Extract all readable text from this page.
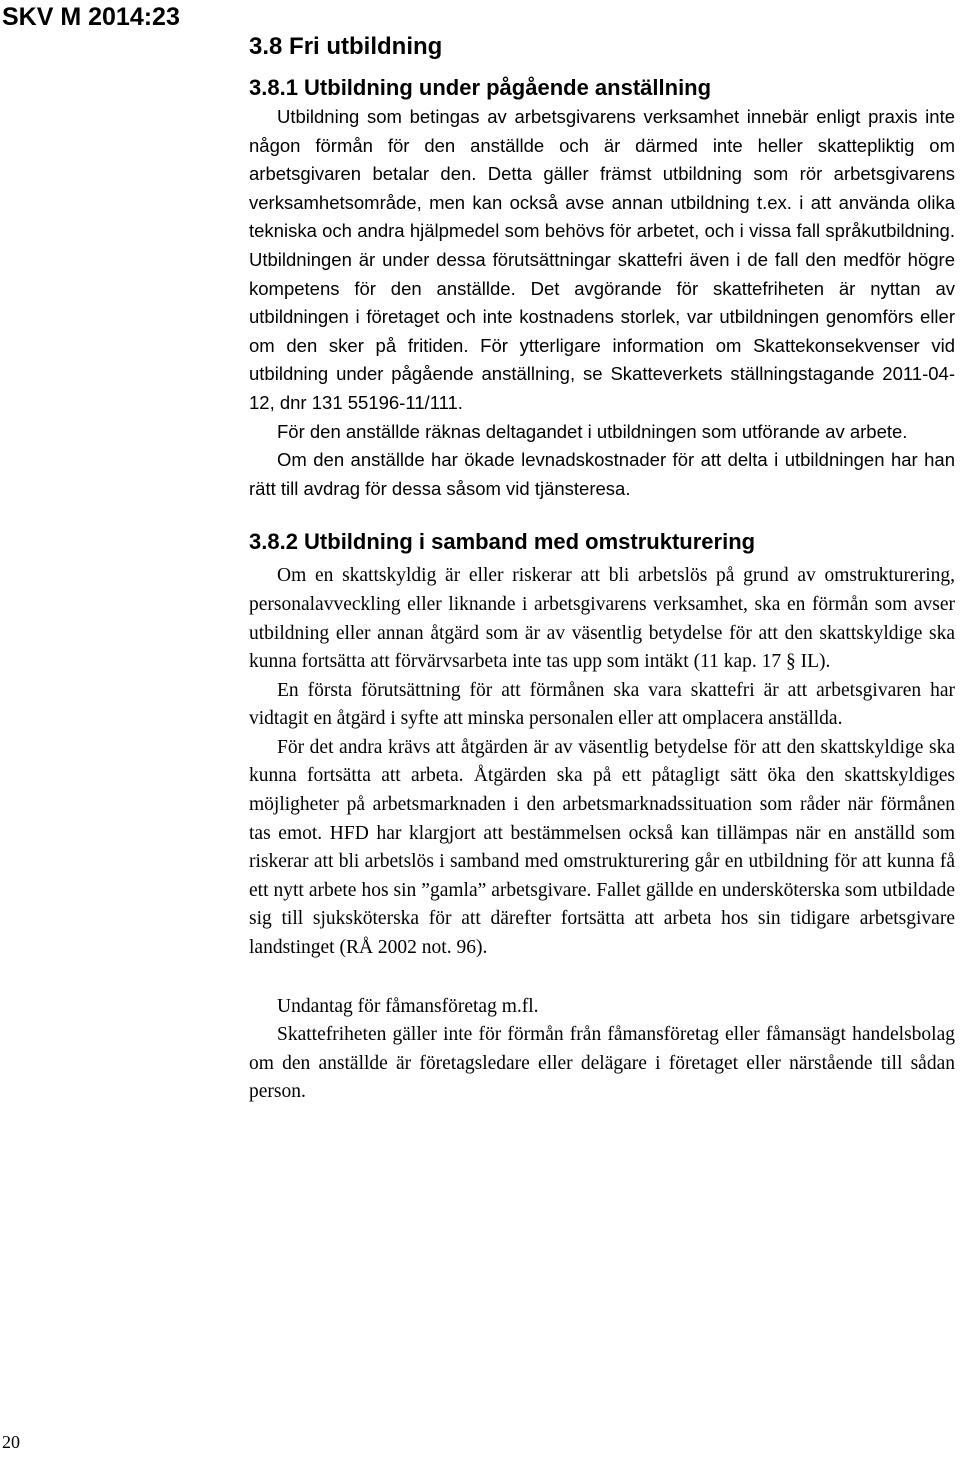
SKV M 2014:23
3.8 Fri utbildning
3.8.1 Utbildning under pågående anställning

Utbildning som betingas av arbetsgivarens verksamhet innebär enligt praxis inte någon förmån för den anställde och är därmed inte heller skattepliktig om arbetsgivaren betalar den. Detta gäller främst utbildning som rör arbetsgivarens verksamhetsområde, men kan också avse annan utbildning t.ex. i att använda olika tekniska och andra hjälpmedel som behövs för arbetet, och i vissa fall språkutbildning. Utbildningen är under dessa förutsättningar skattefri även i de fall den medför högre kompetens för den anställde. Det avgörande för skattefriheten är nyttan av utbildningen i företaget och inte kostnadens storlek, var utbildningen genomförs eller om den sker på fritiden. För ytterligare information om Skattekonsekvenser vid utbildning under pågående anställning, se Skatteverkets ställningstagande 2011-04-12, dnr 131 55196-11/111.

För den anställde räknas deltagandet i utbildningen som utförande av arbete.

Om den anställde har ökade levnadskostnader för att delta i utbildningen har han rätt till avdrag för dessa såsom vid tjänsteresa.

3.8.2 Utbildning i samband med omstrukturering

Om en skattskyldig är eller riskerar att bli arbetslös på grund av omstrukturering, personalavveckling eller liknande i arbetsgivarens verksamhet, ska en förmån som avser utbildning eller annan åtgärd som är av väsentlig betydelse för att den skattskyldige ska kunna fortsätta att förvärvsarbeta inte tas upp som intäkt (11 kap. 17 § IL).

En första förutsättning för att förmånen ska vara skattefri är att arbetsgivaren har vidtagit en åtgärd i syfte att minska personalen eller att omplacera anställda.

För det andra krävs att åtgärden är av väsentlig betydelse för att den skattskyldige ska kunna fortsätta att arbeta. Åtgärden ska på ett påtagligt sätt öka den skattskyldiges möjligheter på arbetsmarknaden i den arbetsmarknadssituation som råder när förmånen tas emot. HFD har klargjort att bestämmelsen också kan tillämpas när en anställd som riskerar att bli arbetslös i samband med omstrukturering går en utbildning för att kunna få ett nytt arbete hos sin ”gamla” arbetsgivare. Fallet gällde en undersköterska som utbildade sig till sjuksköterska för att därefter fortsätta att arbeta hos sin tidigare arbetsgivare landstinget (RÅ 2002 not. 96).

Undantag för fåmansföretag m.fl.

Skattefriheten gäller inte för förmån från fåmansföretag eller fåmansägt handelsbolag om den anställde är företagsledare eller delägare i företaget eller närstående till sådan person.

20
